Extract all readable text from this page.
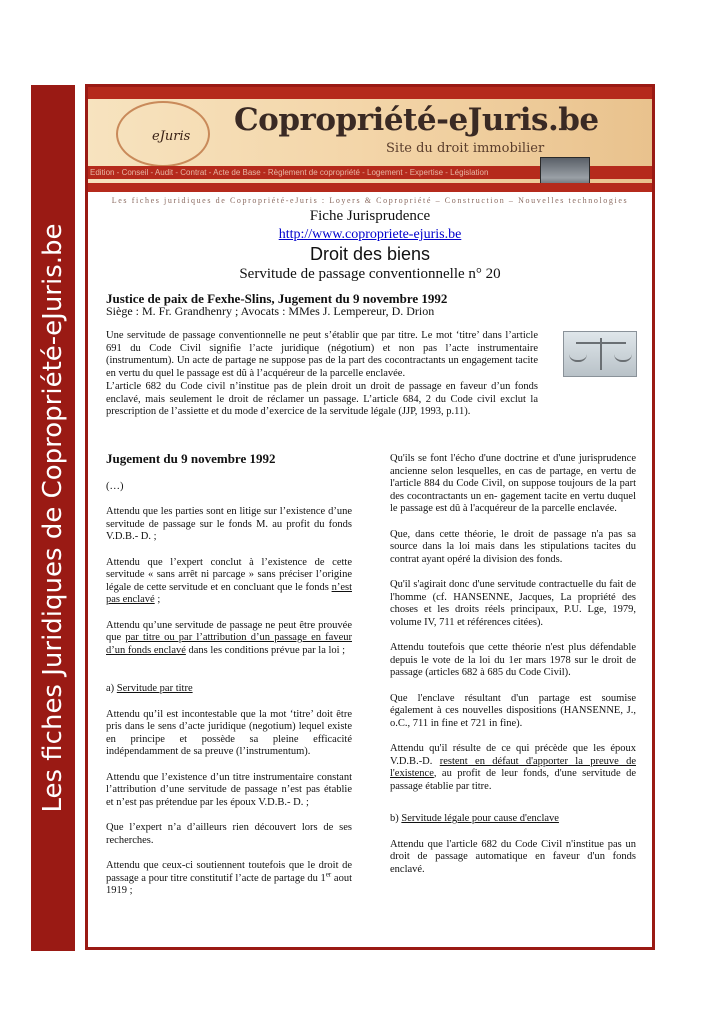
Les fiches Juridiques de Copropriété-eJuris.be
eJuris Copropriété-eJuris.be
Site du droit immobilier
Edition - Conseil - Audit - Contrat - Acte de Base - Règlement de copropriété - Logement - Expertise - Législation
Les fiches juridiques de Copropriété-eJuris : Loyers & Copropriété – Construction – Nouvelles technologies
Fiche Jurisprudence
http://www.copropriete-ejuris.be
Droit des biens
Servitude de passage conventionnelle n° 20
Justice de paix de Fexhe-Slins, Jugement du 9 novembre 1992
Siège : M. Fr. Grandhenry ; Avocats : MMes J. Lempereur, D. Drion

Une servitude de passage conventionnelle ne peut s’établir que par titre. Le mot ‘titre’ dans l’article 691 du Code Civil signifie l’acte juridique (négotium) et non pas l’acte instrumentaire (instrumentum). Un acte de partage ne suppose pas de la part des cocontractants un engagement tacite en vertu du quel le passage est dû à l’acquéreur de la parcelle enclavée.

L’article 682 du Code civil n’institue pas de plein droit un droit de passage en faveur d’un fonds enclavé, mais seulement le droit de réclamer un passage. L’article 684, 2 du Code civil exclut la prescription de l’assiette et du mode d’exercice de la servitude légale (JJP, 1993, p.11).

Jugement du 9 novembre 1992

(…)

Attendu que les parties sont en litige sur l’existence d’une servitude de passage sur le fonds M. au profit du fonds V.D.B.- D. ;

Attendu que l’expert conclut à l’existence de cette servitude « sans arrêt ni parcage » sans préciser l’origine légale de cette servitude et en concluant que le fonds n’est pas enclavé ;

Attendu qu’une servitude de passage ne peut être prouvée que par titre ou par l’attribution d’un passage en faveur d’un fonds enclavé dans les conditions prévue par la loi ;

a) Servitude par titre

Attendu qu’il est incontestable que la mot ‘titre’ doit être pris dans le sens d’acte juridique (negotium) lequel existe en principe et possède sa pleine efficacité indépendamment de sa preuve (l’instrumentum).

Attendu que l’existence d’un titre instrumentaire constant l’attribution d’une servitude de passage n’est pas établie et n’est pas prétendue par les époux V.D.B.- D. ;

Que l’expert n’a d’ailleurs rien découvert lors de ses recherches.

Attendu que ceux-ci soutiennent toutefois que le droit de passage a pour titre constitutif l’acte de partage du 1er aout 1919 ;

Qu'ils se font l'écho d'une doctrine et d'une jurisprudence ancienne selon lesquelles, en cas de partage, en vertu de l'article 884 du Code Civil, on suppose toujours de la part des cocontractants un en- gagement tacite en vertu duquel le passage est dû à l'acquéreur de la parcelle enclavée.

Que, dans cette théorie, le droit de passage n'a pas sa source dans la loi mais dans les stipulations tacites du contrat ayant opéré la division des fonds.

Qu'il s'agirait donc d'une servitude contractuelle du fait de l'homme (cf. HANSENNE, Jacques, La propriété des choses et les droits réels principaux, P.U. Lge, 1979, volume IV, 711 et références citées).

Attendu toutefois que cette théorie n'est plus défendable depuis le vote de la loi du 1er mars 1978 sur le droit de passage (articles 682 à 685 du Code Civil).

Que l'enclave résultant d'un partage est soumise également à ces nouvelles dispositions (HANSENNE, J., o.C., 711 in fine et 721 in fine).

Attendu qu'il résulte de ce qui précède que les époux V.D.B.-D. restent en défaut d'apporter la preuve de l'existence, au profit de leur fonds, d'une servitude de passage établie par titre.

b) Servitude légale pour cause d'enclave

Attendu que l'article 682 du Code Civil n'institue pas un droit de passage automatique en faveur d'un fonds enclavé.
